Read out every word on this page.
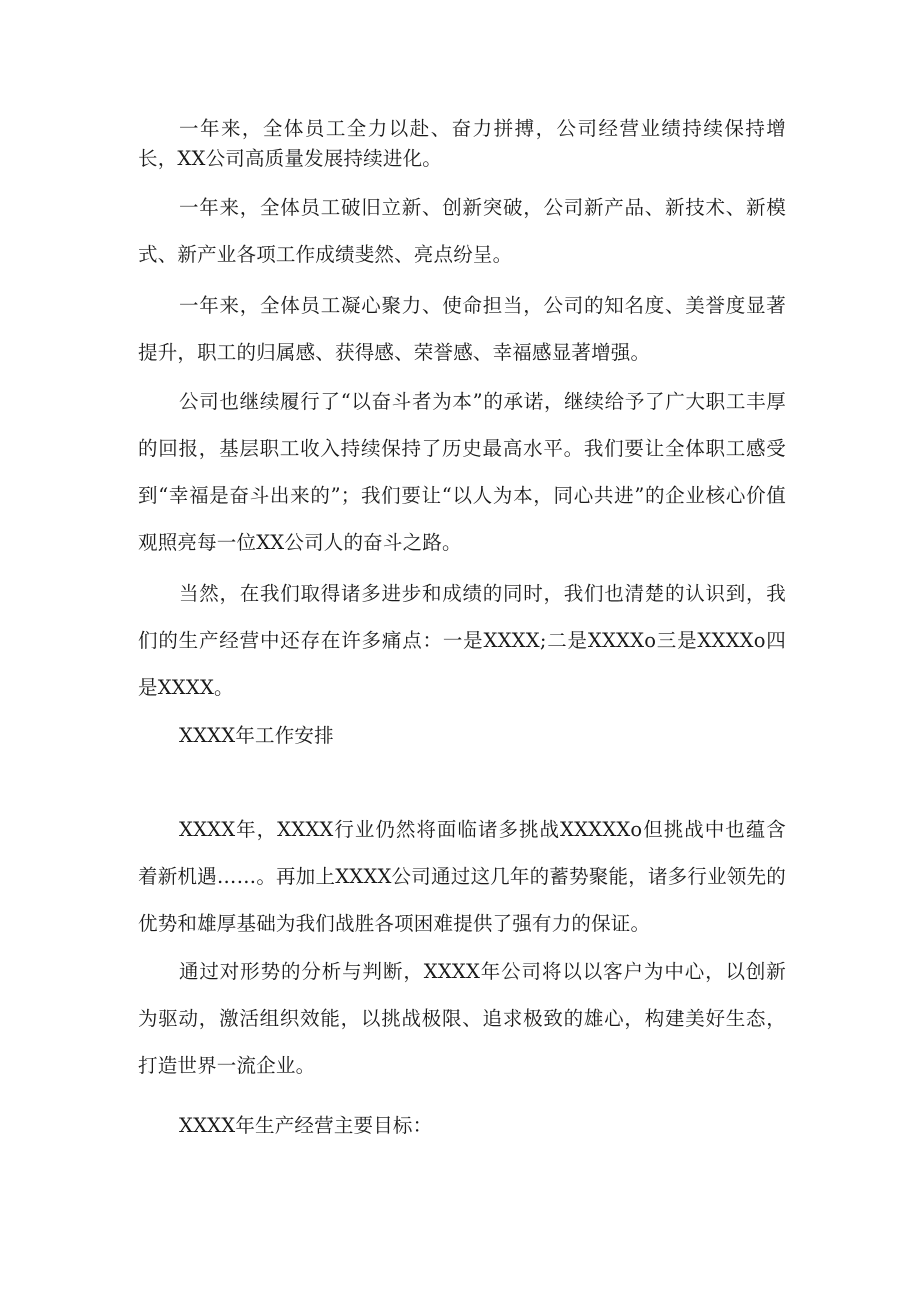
一年来，全体员工全力以赴、奋力拼搏，公司经营业绩持续保持增长，XX公司高质量发展持续进化。

一年来，全体员工破旧立新、创新突破，公司新产品、新技术、新模式、新产业各项工作成绩斐然、亮点纷呈。

一年来，全体员工凝心聚力、使命担当，公司的知名度、美誉度显著提升，职工的归属感、获得感、荣誉感、幸福感显著增强。

公司也继续履行了“以奋斗者为本”的承诺，继续给予了广大职工丰厚的回报，基层职工收入持续保持了历史最高水平。我们要让全体职工感受到“幸福是奋斗出来的”；我们要让“以人为本，同心共进”的企业核心价值观照亮每一位XX公司人的奋斗之路。

当然，在我们取得诸多进步和成绩的同时，我们也清楚的认识到，我们的生产经营中还存在许多痛点：一是XXXX;二是XXXXo三是XXXXo四是XXXX。

XXXX年工作安排

XXXX年，XXXX行业仍然将面临诸多挑战XXXXXo但挑战中也蕴含着新机遇……。再加上XXXX公司通过这几年的蓄势聚能，诸多行业领先的优势和雄厚基础为我们战胜各项困难提供了强有力的保证。

通过对形势的分析与判断，XXXX年公司将以以客户为中心，以创新为驱动，激活组织效能，以挑战极限、追求极致的雄心，构建美好生态，打造世界一流企业。

XXXX年生产经营主要目标：
